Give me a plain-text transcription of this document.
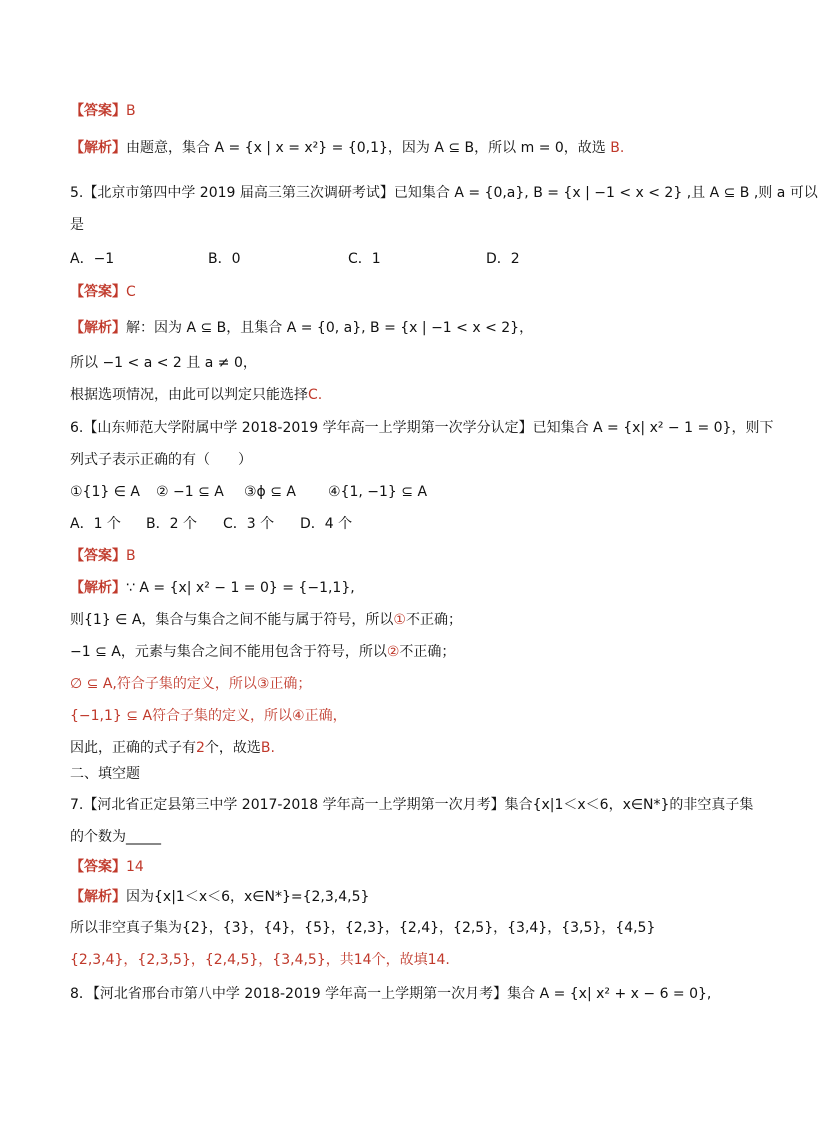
【答案】B
【解析】由题意，集合 A = {x | x = x²} = {0,1}，因为 A ⊆ B，所以 m = 0，故选 B.
5.【北京市第四中学 2019 届高三第三次调研考试】已知集合 A = {0,a}, B = {x | −1 < x < 2} ,且 A ⊆ B ,则 a 可以
是
A．−1	B．0	C．1	D．2
【答案】C
【解析】解：因为 A ⊆ B，且集合 A = {0, a}, B = {x | −1 < x < 2}，
所以 −1 < a < 2 且 a ≠ 0，
根据选项情况，由此可以判定只能选择C.
6.【山东师范大学附属中学 2018-2019 学年高一上学期第一次学分认定】已知集合 A = {x| x² − 1 = 0}，则下
列式子表示正确的有（　　）
①{1} ∈ A ② −1 ⊆ A ③ϕ ⊆ A ④{1, −1} ⊆ A
A．1 个 B．2 个 C．3 个 D．4 个
【答案】B
【解析】∵ A = {x| x² − 1 = 0} = {−1,1},
则{1} ∈ A，集合与集合之间不能与属于符号，所以①不正确；
−1 ⊆ A，元素与集合之间不能用包含于符号，所以②不正确；
∅ ⊆ A,符合子集的定义，所以③正确；
{−1,1} ⊆ A符合子集的定义，所以④正确，
因此，正确的式子有2个，故选B.
二、填空题
7.【河北省正定县第三中学 2017-2018 学年高一上学期第一次月考】集合{x|1＜x＜6，x∈N*}的非空真子集
的个数为_____
【答案】14
【解析】因为{x|1＜x＜6，x∈N*}={2,3,4,5}
所以非空真子集为{2}，{3}，{4}，{5}，{2,3}，{2,4}，{2,5}，{3,4}，{3,5}，{4,5}
{2,3,4}，{2,3,5}，{2,4,5}，{3,4,5}，共14个，故填14.
8．【河北省邢台市第八中学 2018-2019 学年高一上学期第一次月考】集合 A = {x| x² + x − 6 = 0},
